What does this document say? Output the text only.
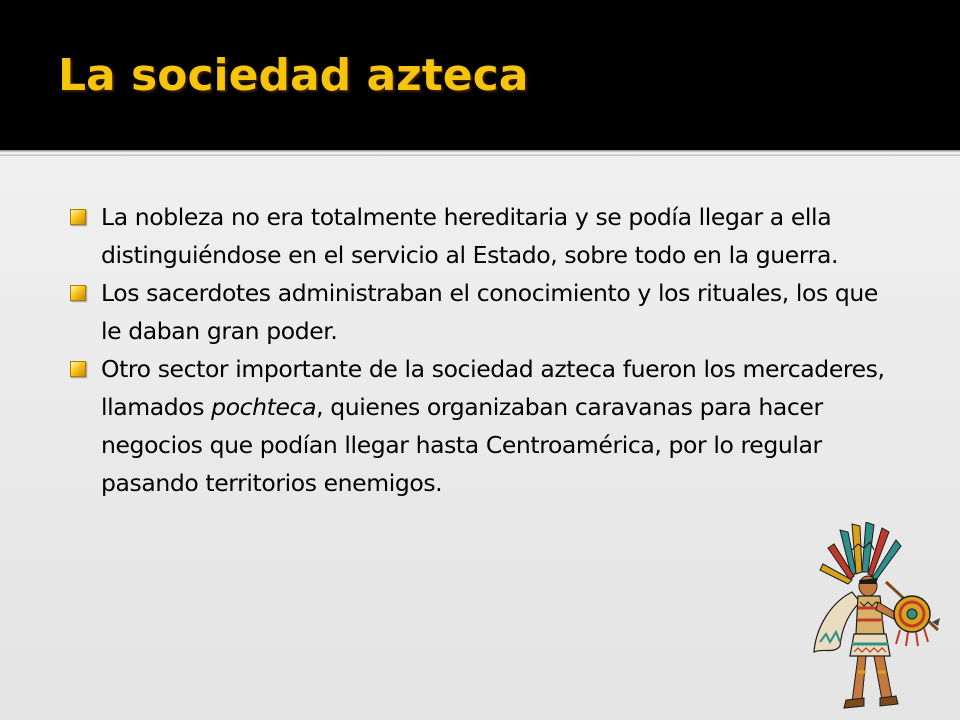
La sociedad azteca
La nobleza no era totalmente hereditaria y se podía llegar a ella distinguiéndose en el servicio al Estado, sobre todo en la guerra.
Los sacerdotes administraban el conocimiento y los rituales, los que le daban gran poder.
Otro sector importante de la sociedad azteca fueron los mercaderes, llamados pochteca, quienes organizaban caravanas para hacer negocios que podían llegar hasta Centroamérica, por lo regular pasando territorios enemigos.
